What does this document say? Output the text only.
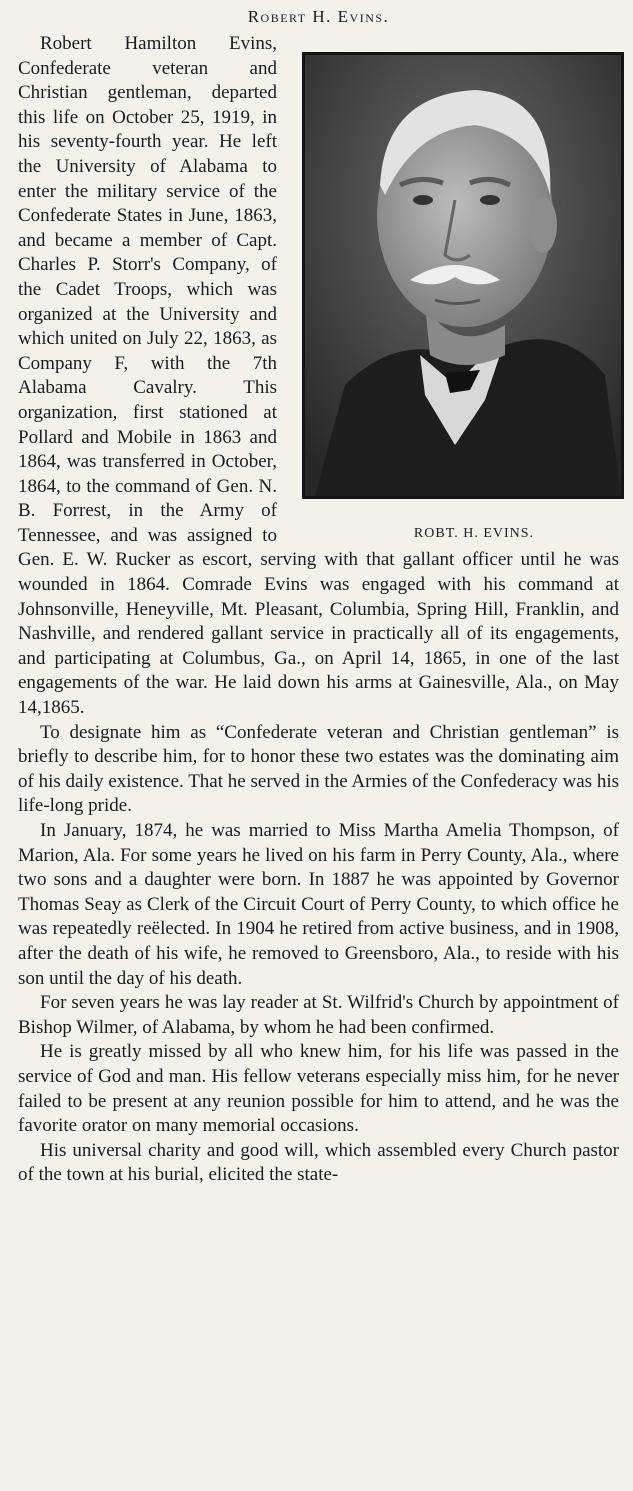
Robert H. Evins.

ROBT. H. EVINS.
Robert Hamilton Evins, Confederate veteran and Christian gentleman, departed this life on October 25, 1919, in his seventy-fourth year. He left the University of Alabama to enter the military service of the Confederate States in June, 1863, and became a member of Capt. Charles P. Storr's Company, of the Cadet Troops, which was organized at the University and which united on July 22, 1863, as Company F, with the 7th Alabama Cavalry. This organization, first stationed at Pollard and Mobile in 1863 and 1864, was transferred in October, 1864, to the command of Gen. N. B. Forrest, in the Army of Tennessee, and was assigned to Gen. E. W. Rucker as escort, serving with that gallant officer until he was wounded in 1864. Comrade Evins was engaged with his command at Johnsonville, Heneyville, Mt. Pleasant, Columbia, Spring Hill, Franklin, and Nashville, and rendered gallant service in practically all of its engagements, and participating at Columbus, Ga., on April 14, 1865, in one of the last engagements of the war. He laid down his arms at Gainesville, Ala., on May 14,1865.

To designate him as “Confederate veteran and Christian gentleman” is briefly to describe him, for to honor these two estates was the dominating aim of his daily existence. That he served in the Armies of the Confederacy was his life-long pride.

In January, 1874, he was married to Miss Martha Amelia Thompson, of Marion, Ala. For some years he lived on his farm in Perry County, Ala., where two sons and a daughter were born. In 1887 he was appointed by Governor Thomas Seay as Clerk of the Circuit Court of Perry County, to which office he was repeatedly reëlected. In 1904 he retired from active business, and in 1908, after the death of his wife, he removed to Greensboro, Ala., to reside with his son until the day of his death.

For seven years he was lay reader at St. Wilfrid's Church by appointment of Bishop Wilmer, of Alabama, by whom he had been confirmed.

He is greatly missed by all who knew him, for his life was passed in the service of God and man. His fellow veterans especially miss him, for he never failed to be present at any reunion possible for him to attend, and he was the favorite orator on many memorial occasions.

His universal charity and good will, which assembled every Church pastor of the town at his burial, elicited the state-
